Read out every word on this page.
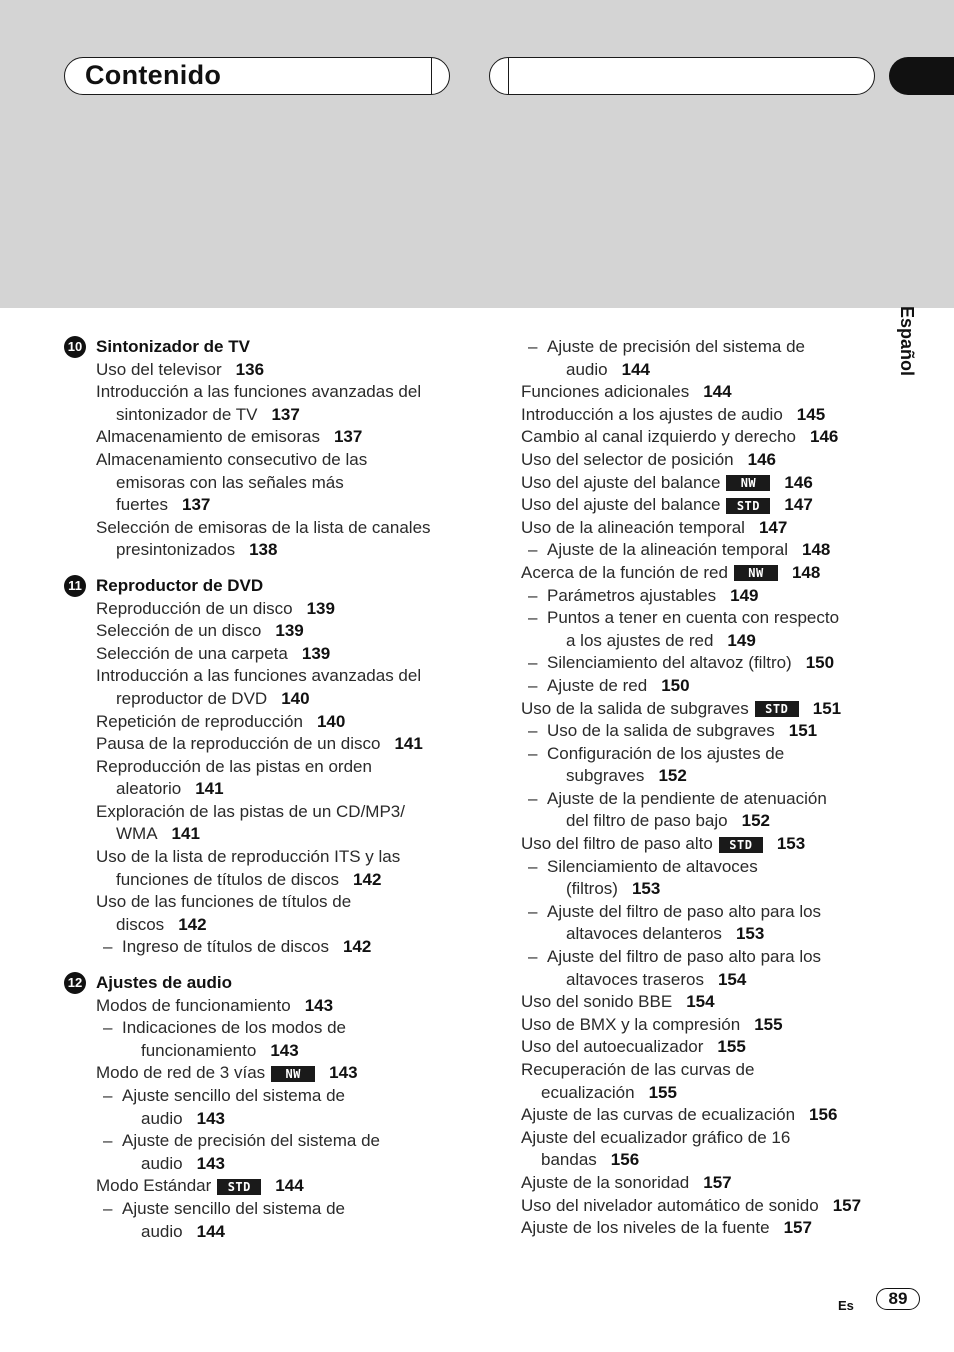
Contenido
Español
10 Sintonizador de TV
Uso del televisor 136
Introducción a las funciones avanzadas del
sintonizador de TV 137
Almacenamiento de emisoras 137
Almacenamiento consecutivo de las
emisoras con las señales más
fuertes 137
Selección de emisoras de la lista de canales
presintonizados 138
11 Reproductor de DVD
Reproducción de un disco 139
Selección de un disco 139
Selección de una carpeta 139
Introducción a las funciones avanzadas del
reproductor de DVD 140
Repetición de reproducción 140
Pausa de la reproducción de un disco 141
Reproducción de las pistas en orden
aleatorio 141
Exploración de las pistas de un CD/MP3/
WMA 141
Uso de la lista de reproducción ITS y las
funciones de títulos de discos 142
Uso de las funciones de títulos de
discos 142
– Ingreso de títulos de discos 142
12 Ajustes de audio
Modos de funcionamiento 143
– Indicaciones de los modos de
funcionamiento 143
Modo de red de 3 vías NW 143
– Ajuste sencillo del sistema de
audio 143
– Ajuste de precisión del sistema de
audio 143
Modo Estándar STD 144
– Ajuste sencillo del sistema de
audio 144
– Ajuste de precisión del sistema de
audio 144
Funciones adicionales 144
Introducción a los ajustes de audio 145
Cambio al canal izquierdo y derecho 146
Uso del selector de posición 146
Uso del ajuste del balance NW 146
Uso del ajuste del balance STD 147
Uso de la alineación temporal 147
– Ajuste de la alineación temporal 148
Acerca de la función de red NW 148
– Parámetros ajustables 149
– Puntos a tener en cuenta con respecto
a los ajustes de red 149
– Silenciamiento del altavoz (filtro) 150
– Ajuste de red 150
Uso de la salida de subgraves STD 151
– Uso de la salida de subgraves 151
– Configuración de los ajustes de
subgraves 152
– Ajuste de la pendiente de atenuación
del filtro de paso bajo 152
Uso del filtro de paso alto STD 153
– Silenciamiento de altavoces
(filtros) 153
– Ajuste del filtro de paso alto para los
altavoces delanteros 153
– Ajuste del filtro de paso alto para los
altavoces traseros 154
Uso del sonido BBE 154
Uso de BMX y la compresión 155
Uso del autoecualizador 155
Recuperación de las curvas de
ecualización 155
Ajuste de las curvas de ecualización 156
Ajuste del ecualizador gráfico de 16
bandas 156
Ajuste de la sonoridad 157
Uso del nivelador automático de sonido 157
Ajuste de los niveles de la fuente 157
Es	89
